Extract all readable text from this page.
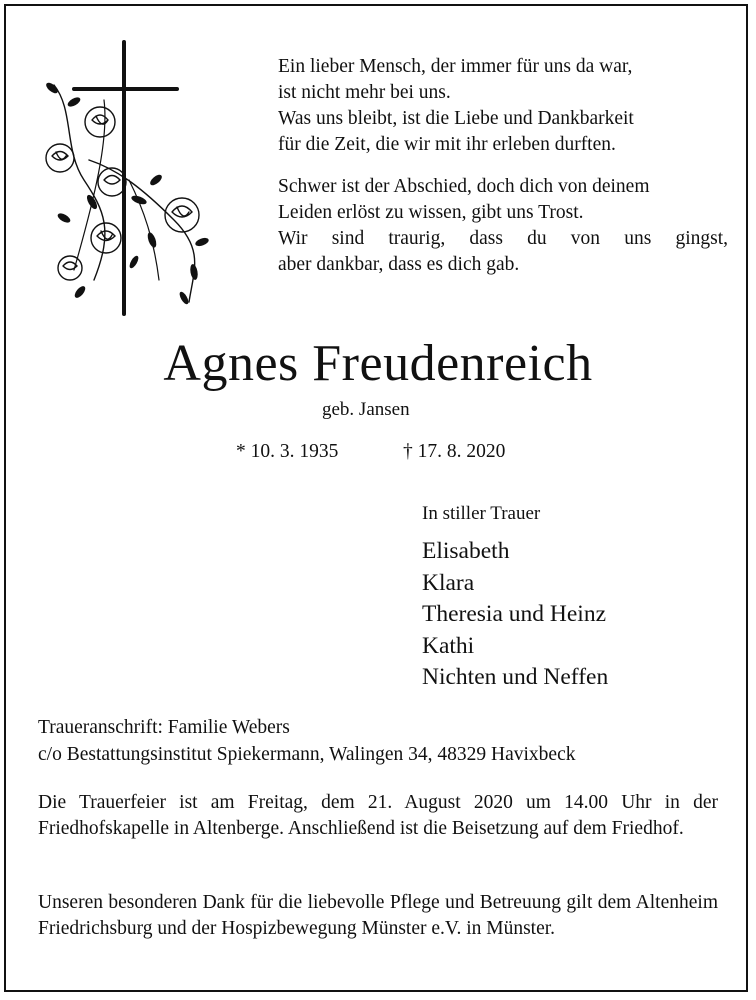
Ein lieber Mensch, der immer für uns da war,
ist nicht mehr bei uns.
Was uns bleibt, ist die Liebe und Dankbarkeit
für die Zeit, die wir mit ihr erleben durften.

Schwer ist der Abschied, doch dich von deinem
Leiden erlöst zu wissen, gibt uns Trost.

Wir sind traurig, dass du von uns gingst,
aber dankbar, dass es dich gab.

Agnes Freudenreich
geb. Jansen
* 10. 3. 1935	† 17. 8. 2020
In stiller Trauer
Elisabeth
Klara
Theresia und Heinz
Kathi
Nichten und Neffen
Traueranschrift: Familie Webers
c/o Bestattungsinstitut Spiekermann, Walingen 34, 48329 Havixbeck
Die Trauerfeier ist am Freitag, dem 21. August 2020 um 14.00 Uhr in der Friedhofskapelle in Altenberge. Anschließend ist die Beisetzung auf dem Friedhof.
Unseren besonderen Dank für die liebevolle Pflege und Betreuung gilt dem Altenheim Friedrichsburg und der Hospizbewegung Münster e.V. in Münster.
